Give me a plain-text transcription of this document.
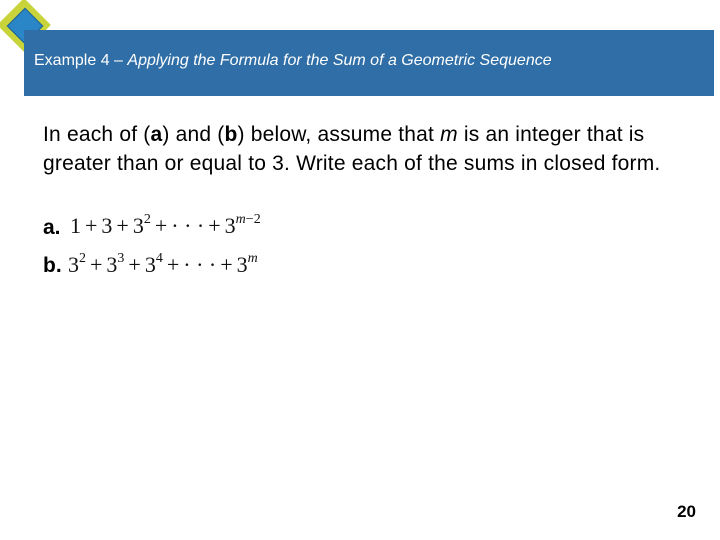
Example 4 – Applying the Formula for the Sum of a Geometric Sequence
In each of (a) and (b) below, assume that m is an integer that is greater than or equal to 3. Write each of the sums in closed form.
a. $1 + 3 + 3^2$ + · · · + $3^{m-2}$
b. $3^2 + 3^3 + 3^4$ + · · · + $3^m$
20
